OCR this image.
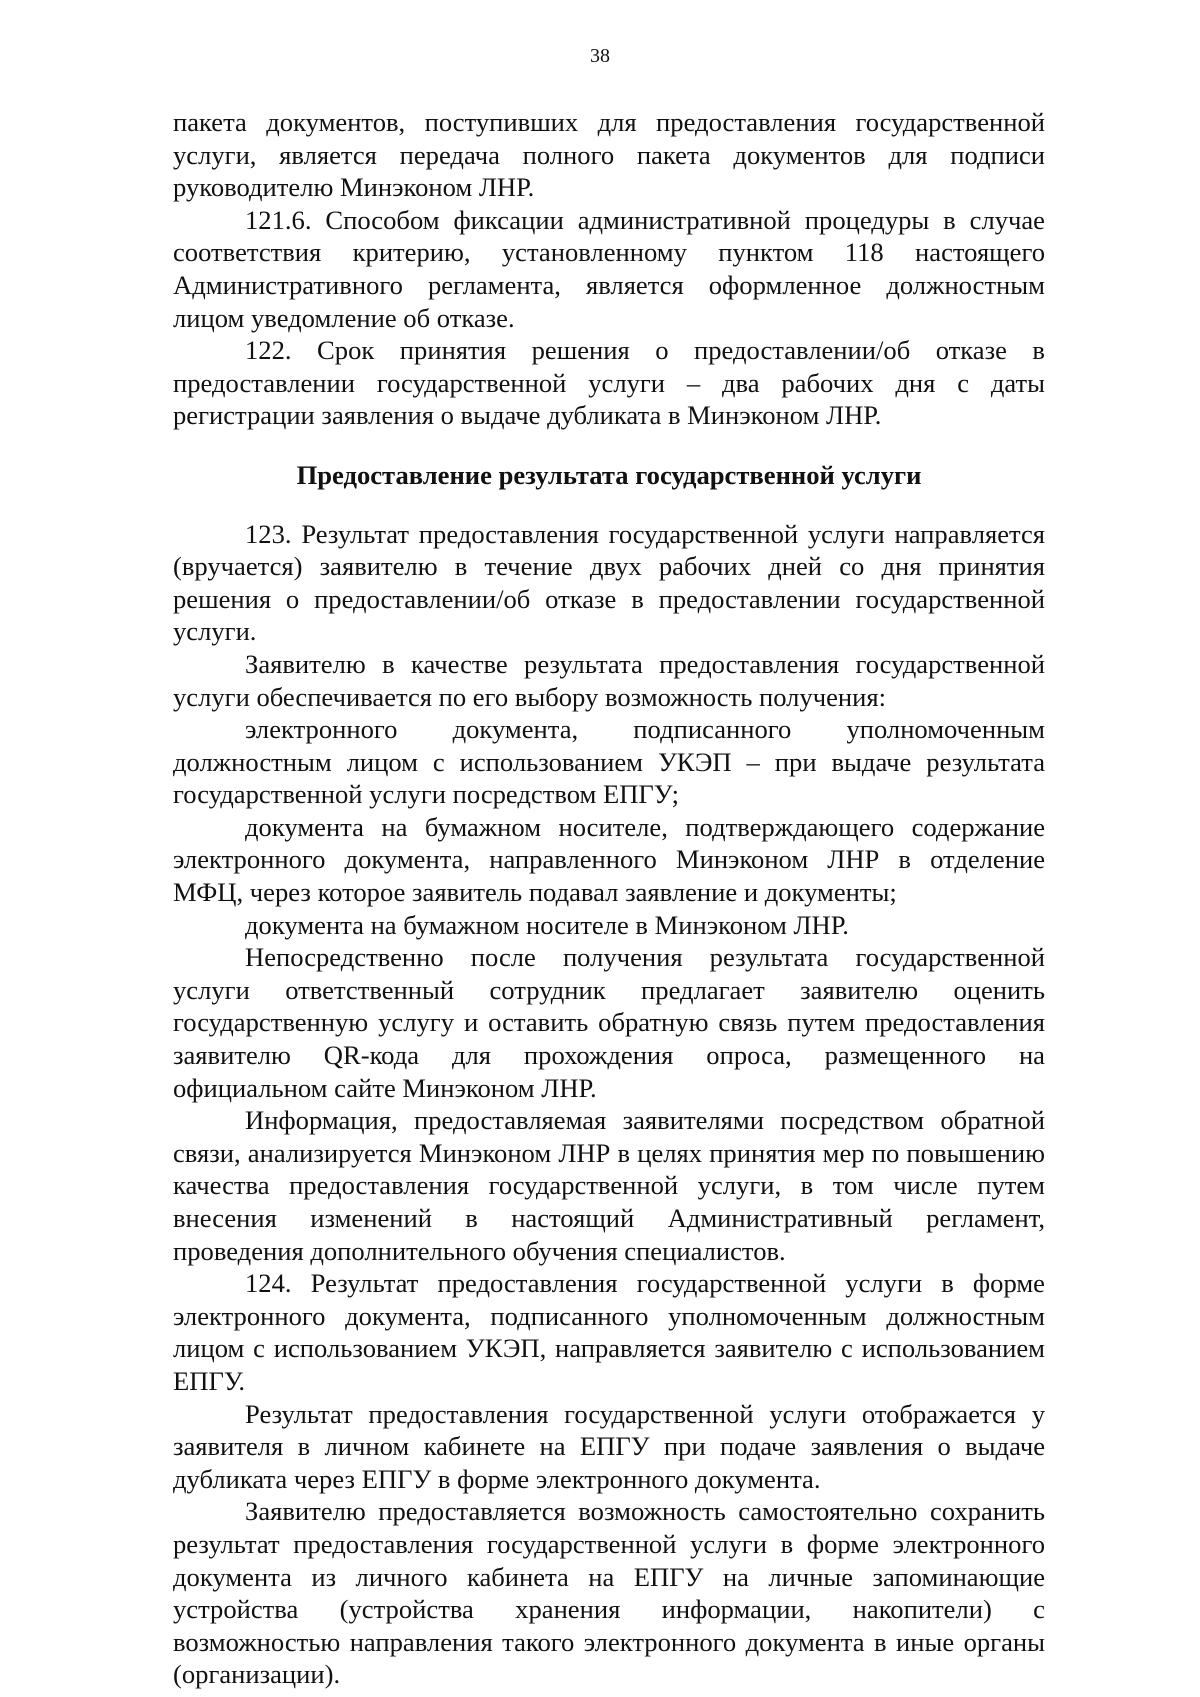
38

пакета документов, поступивших для предоставления государственной услуги, является передача полного пакета документов для подписи руководителю Минэконом ЛНР.

121.6. Способом фиксации административной процедуры в случае соответствия критерию, установленному пунктом 118 настоящего Административного регламента, является оформленное должностным лицом уведомление об отказе.

122. Срок принятия решения о предоставлении/об отказе в предоставлении государственной услуги – два рабочих дня с даты регистрации заявления о выдаче дубликата в Минэконом ЛНР.

Предоставление результата государственной услуги

123. Результат предоставления государственной услуги направляется (вручается) заявителю в течение двух рабочих дней со дня принятия решения о предоставлении/об отказе в предоставлении государственной услуги.

Заявителю в качестве результата предоставления государственной услуги обеспечивается по его выбору возможность получения:

электронного документа, подписанного уполномоченным должностным лицом с использованием УКЭП – при выдаче результата государственной услуги посредством ЕПГУ;

документа на бумажном носителе, подтверждающего содержание электронного документа, направленного Минэконом ЛНР в отделение МФЦ, через которое заявитель подавал заявление и документы;

документа на бумажном носителе в Минэконом ЛНР.

Непосредственно после получения результата государственной услуги ответственный сотрудник предлагает заявителю оценить государственную услугу и оставить обратную связь путем предоставления заявителю QR-кода для прохождения опроса, размещенного на официальном сайте Минэконом ЛНР.

Информация, предоставляемая заявителями посредством обратной связи, анализируется Минэконом ЛНР в целях принятия мер по повышению качества предоставления государственной услуги, в том числе путем внесения изменений в настоящий Административный регламент, проведения дополнительного обучения специалистов.

124. Результат предоставления государственной услуги в форме электронного документа, подписанного уполномоченным должностным лицом с использованием УКЭП, направляется заявителю с использованием ЕПГУ.

Результат предоставления государственной услуги отображается у заявителя в личном кабинете на ЕПГУ при подаче заявления о выдаче дубликата через ЕПГУ в форме электронного документа.

Заявителю предоставляется возможность самостоятельно сохранить результат предоставления государственной услуги в форме электронного документа из личного кабинета на ЕПГУ на личные запоминающие устройства (устройства хранения информации, накопители) с возможностью направления такого электронного документа в иные органы (организации).
